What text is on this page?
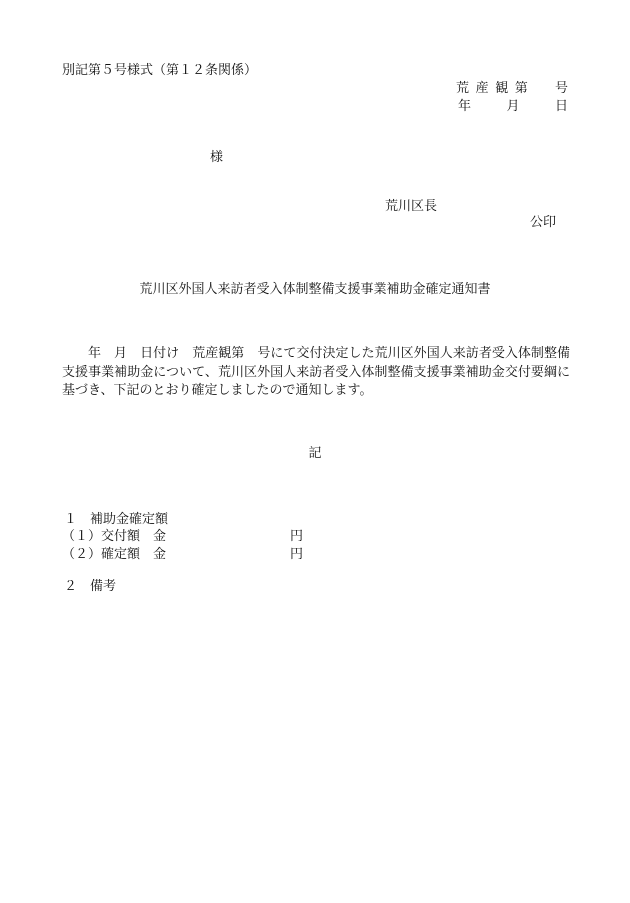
別記第５号様式（第１２条関係）
荒 産 観 第 号
年	月	日
様
荒川区長
公印
荒川区外国人来訪者受入体制整備支援事業補助金確定通知書
年　月　日付け　荒産観第　号にて交付決定した荒川区外国人来訪者受入体制整備支援事業補助金について、荒川区外国人来訪者受入体制整備支援事業補助金交付要綱に基づき、下記のとおり確定しましたので通知します。
記
１　補助金確定額
（１）交付額　金	円
（２）確定額　金	円
２　備考
